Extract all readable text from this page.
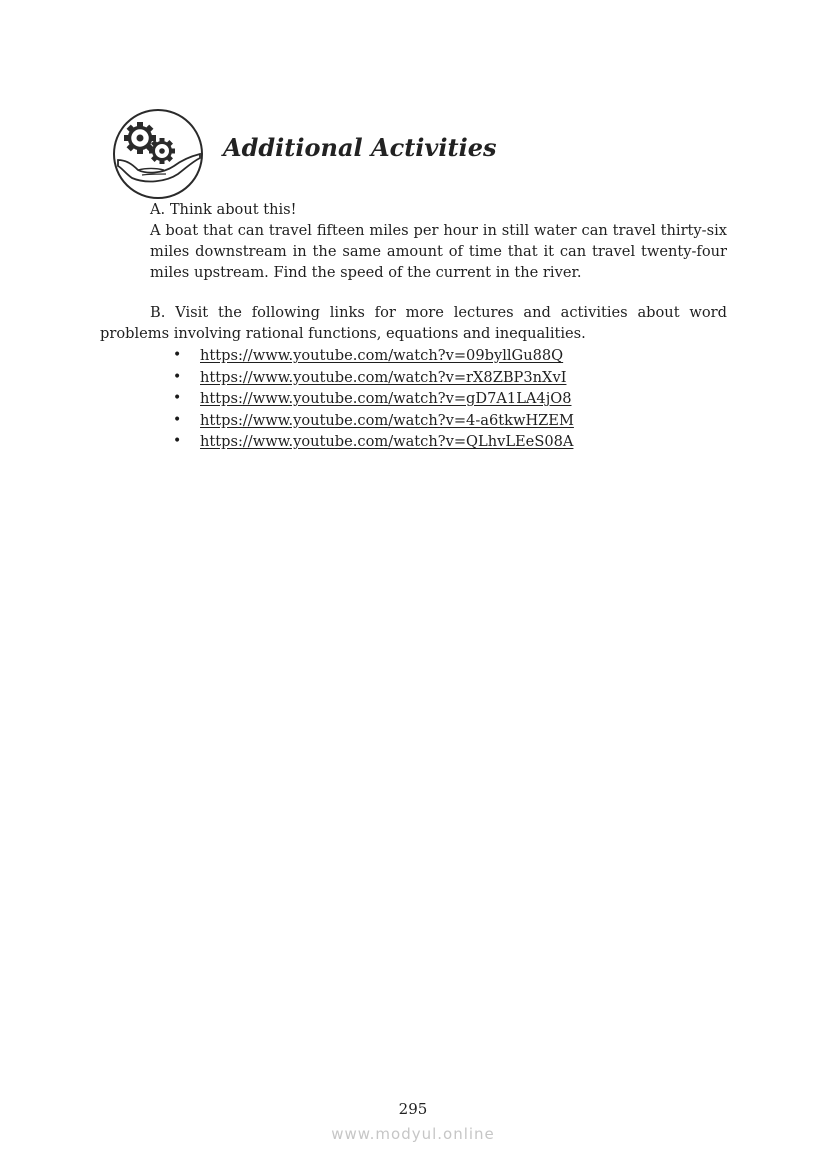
Additional Activities
A. Think about this!
A boat that can travel fifteen miles per hour in still water can travel thirty-six
miles downstream in the same amount of time that it can travel twenty-four
miles upstream. Find the speed of the current in the river.
B. Visit the following links for more lectures and activities about word
problems involving rational functions, equations and inequalities.
• https://www.youtube.com/watch?v=09byllGu88Q
• https://www.youtube.com/watch?v=rX8ZBP3nXvI
• https://www.youtube.com/watch?v=gD7A1LA4jO8
• https://www.youtube.com/watch?v=4-a6tkwHZEM
• https://www.youtube.com/watch?v=QLhvLEeS08A
295
www.modyul.online
